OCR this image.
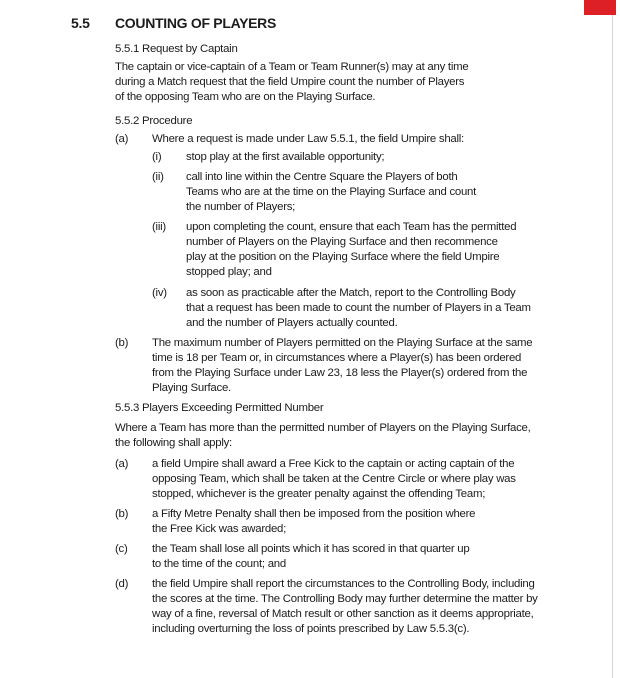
5.5 COUNTING OF PLAYERS
5.5.1 Request by Captain
The captain or vice-captain of a Team or Team Runner(s) may at any time
during a Match request that the field Umpire count the number of Players
of the opposing Team who are on the Playing Surface.
5.5.2 Procedure
(a) Where a request is made under Law 5.5.1, the field Umpire shall:
(i) stop play at the first available opportunity;
(ii) call into line within the Centre Square the Players of both
Teams who are at the time on the Playing Surface and count
the number of Players;
(iii) upon completing the count, ensure that each Team has the permitted
number of Players on the Playing Surface and then recommence
play at the position on the Playing Surface where the field Umpire
stopped play; and
(iv) as soon as practicable after the Match, report to the Controlling Body
that a request has been made to count the number of Players in a Team
and the number of Players actually counted.
(b) The maximum number of Players permitted on the Playing Surface at the same
time is 18 per Team or, in circumstances where a Player(s) has been ordered
from the Playing Surface under Law 23, 18 less the Player(s) ordered from the
Playing Surface.
5.5.3 Players Exceeding Permitted Number
Where a Team has more than the permitted number of Players on the Playing Surface,
the following shall apply:
(a) a field Umpire shall award a Free Kick to the captain or acting captain of the
opposing Team, which shall be taken at the Centre Circle or where play was
stopped, whichever is the greater penalty against the offending Team;
(b) a Fifty Metre Penalty shall then be imposed from the position where
the Free Kick was awarded;
(c) the Team shall lose all points which it has scored in that quarter up
to the time of the count; and
(d) the field Umpire shall report the circumstances to the Controlling Body, including
the scores at the time. The Controlling Body may further determine the matter by
way of a fine, reversal of Match result or other sanction as it deems appropriate,
including overturning the loss of points prescribed by Law 5.5.3(c).
